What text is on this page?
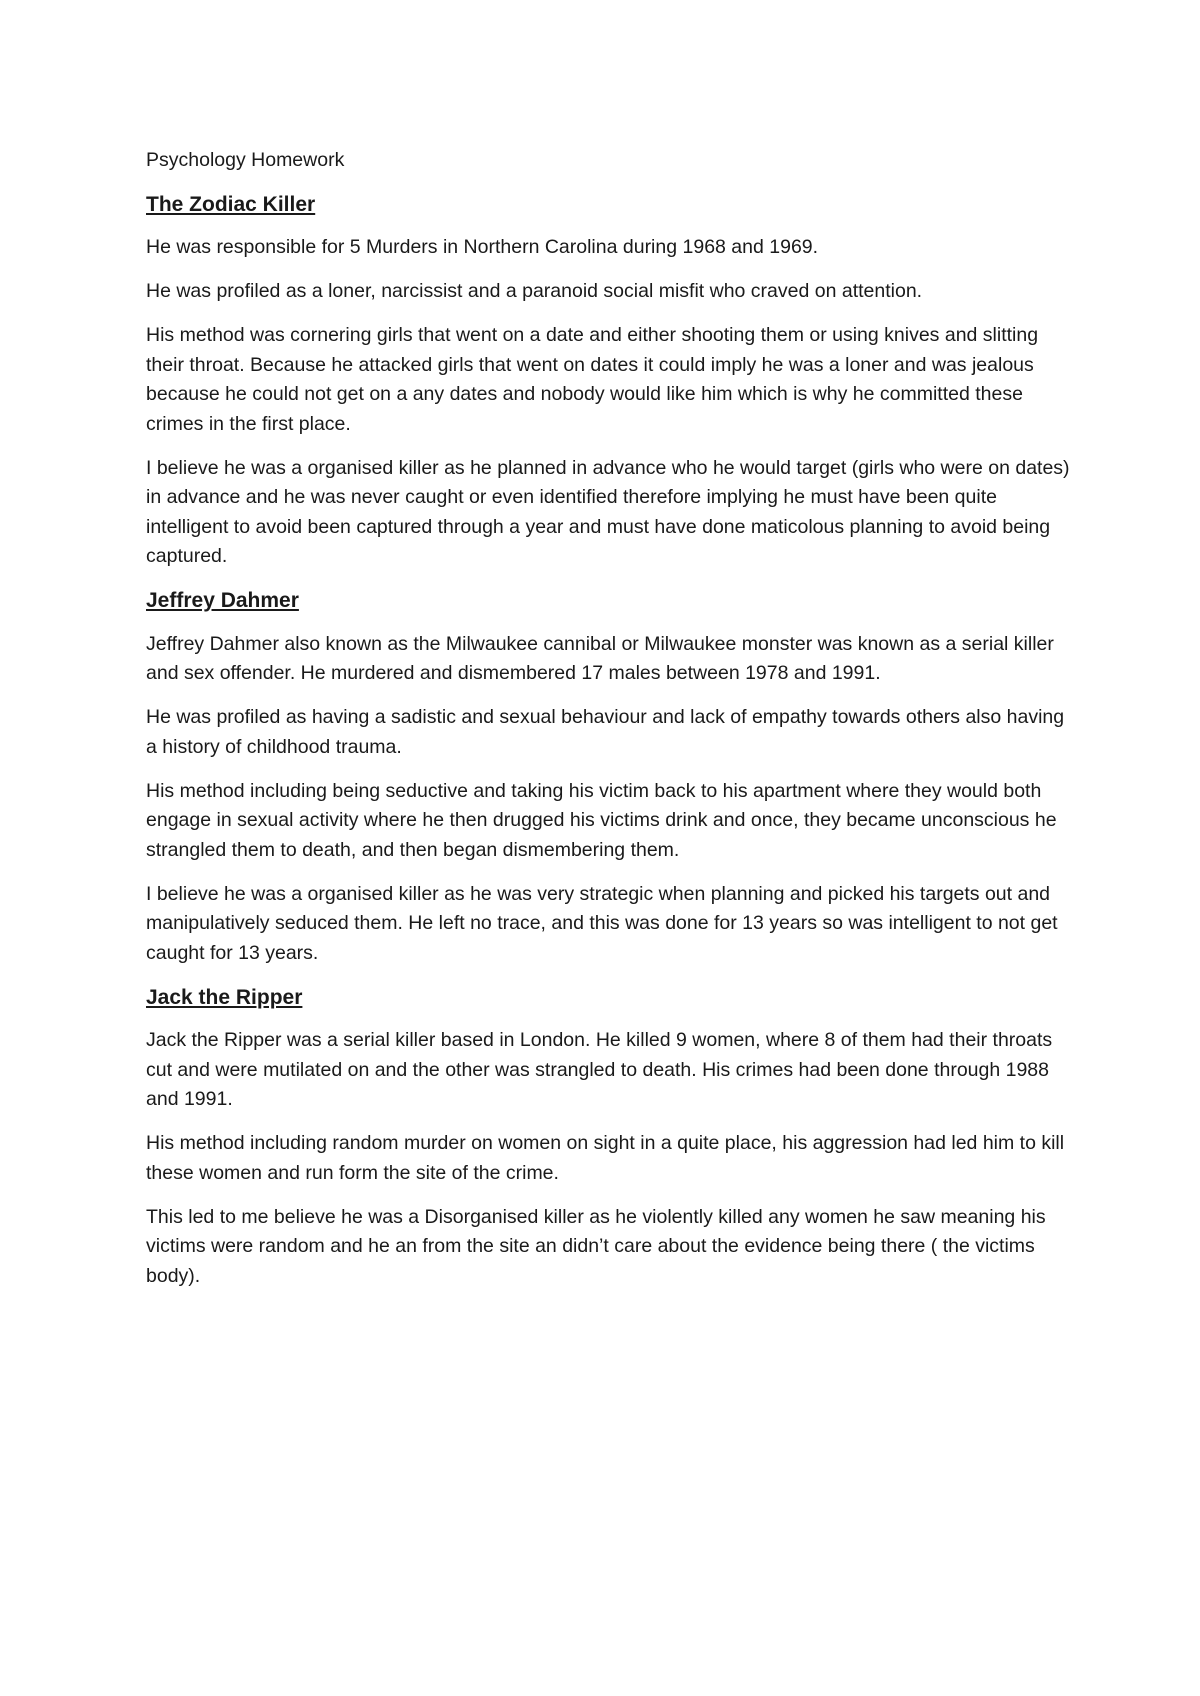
Psychology Homework

The Zodiac Killer

He was responsible for 5 Murders in Northern Carolina during 1968 and 1969.

He was profiled as a loner, narcissist and a paranoid social misfit who craved on attention.

His method was cornering girls that went on a date and either shooting them or using knives and slitting their throat. Because he attacked girls that went on dates it could imply he was a loner and was jealous because he could not get on a any dates and nobody would like him which is why he committed these crimes in the first place.

I believe he was a organised killer as he planned in advance who he would target (girls who were on dates) in advance and he was never caught or even identified therefore implying he must have been quite intelligent to avoid been captured through a year and must have done maticolous planning to avoid being captured.

Jeffrey Dahmer

Jeffrey Dahmer also known as the Milwaukee cannibal or Milwaukee monster was known as a serial killer and sex offender. He murdered and dismembered 17 males between 1978 and 1991.

He was profiled as having a sadistic and sexual behaviour and lack of empathy towards others also having a history of childhood trauma.

His method including being seductive and taking his victim back to his apartment where they would both engage in sexual activity where he then drugged his victims drink and once, they became unconscious he strangled them to death, and then began dismembering them.

I believe he was a organised killer as he was very strategic when planning and picked his targets out and manipulatively seduced them. He left no trace, and this was done for 13 years so was intelligent to not get caught for 13 years.

Jack the Ripper

Jack the Ripper was a serial killer based in London. He killed 9 women, where 8 of them had their throats cut and were mutilated on and the other was strangled to death. His crimes had been done through 1988 and 1991.

His method including random murder on women on sight in a quite place, his aggression had led him to kill these women and run form the site of the crime.

This led to me believe he was a Disorganised killer as he violently killed any women he saw meaning his victims were random and he an from the site an didn’t care about the evidence being there ( the victims body).
